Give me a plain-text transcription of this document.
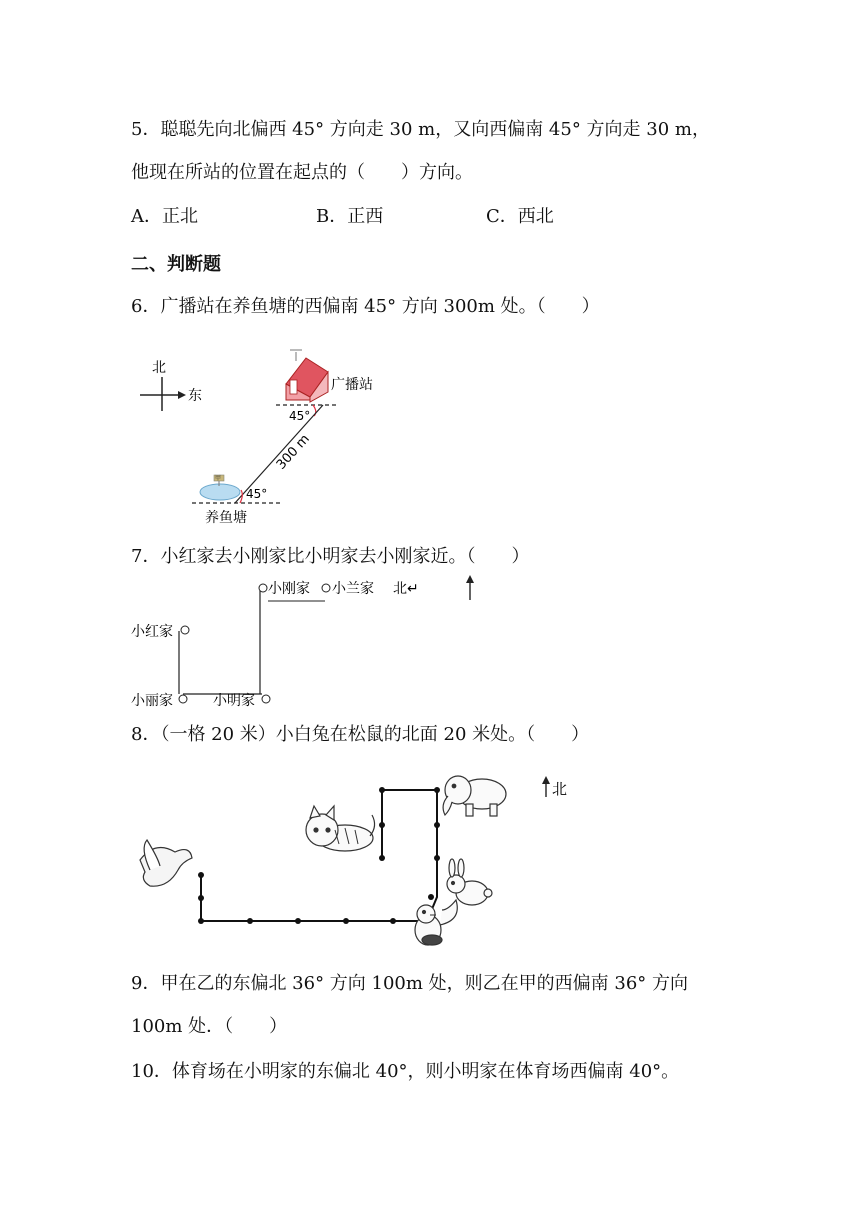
5．聪聪先向北偏西 45° 方向走 30 m，又向西偏南 45° 方向走 30 m，
他现在所站的位置在起点的（　　）方向。
A．正北	B．正西	C．西北
二、判断题
6．广播站在养鱼塘的西偏南 45° 方向 300m 处。（　　）
北
东
广播站
45°
300 m
甲
45°
养鱼塘
7．小红家去小刚家比小明家去小刚家近。（　　）
小刚家 小兰家 北↵
小红家
小丽家	小明家
8．（一格 20 米）小白兔在松鼠的北面 20 米处。（　　）
北
9．甲在乙的东偏北 36° 方向 100m 处，则乙在甲的西偏南 36° 方向
100m 处．（　　）
10．体育场在小明家的东偏北 40°，则小明家在体育场西偏南 40°。
